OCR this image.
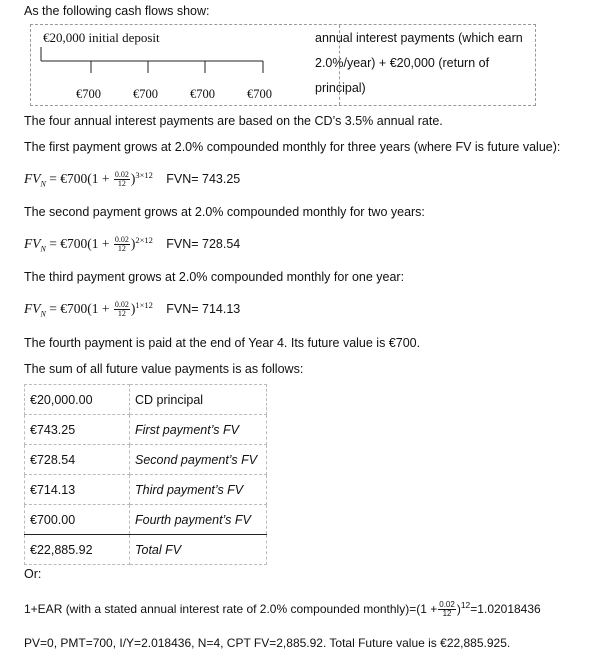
As the following cash flows show:
€20,000 initial deposit
€700	€700	€700	€700
annual interest payments (which earn
2.0%/year) + €20,000 (return of
principal)
The four annual interest payments are based on the CD’s 3.5% annual rate.
The first payment grows at 2.0% compounded monthly for three years (where FV is future value):
$FV_N$ = €700(1 + $\frac{0.02}{12} )^{3\times 12}$ FVN= 743.25
The second payment grows at 2.0% compounded monthly for two years:
$FV_N$ = €700(1 + $\frac{0.02}{12} )^{2\times 12}$ FVN= 728.54
The third payment grows at 2.0% compounded monthly for one year:
$FV_N$ = €700(1 + $\frac{0.02}{12} )^{1\times 12}$ FVN= 714.13
The fourth payment is paid at the end of Year 4. Its future value is €700.
The sum of all future value payments is as follows:
€20,000.00	CD principal
€743.25	First payment’s FV
€728.54	Second payment’s FV
€714.13	Third payment’s FV
€700.00	Fourth payment’s FV
€22,885.92	Total FV
Or:
1+EAR (with a stated annual interest rate of 2.0% compounded monthly)=(1 + $\frac{0.02}{12} )^{12}=1.02018436$
PV=0, PMT=700, I/Y=2.018436, N=4, CPT FV=2,885.92. Total Future value is €22,885.925.
